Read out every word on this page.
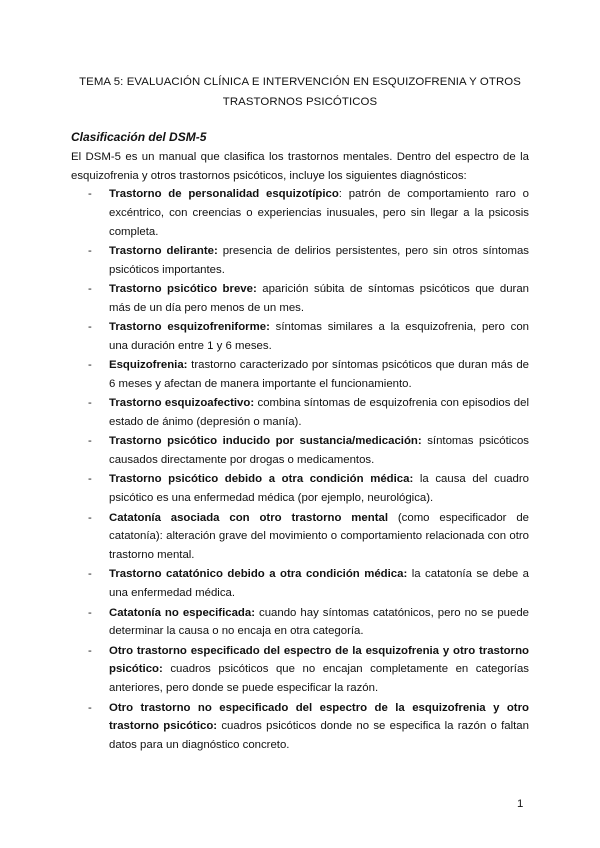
TEMA 5: EVALUACIÓN CLÍNICA E INTERVENCIÓN EN ESQUIZOFRENIA Y OTROS TRASTORNOS PSICÓTICOS
Clasificación del DSM-5
El DSM-5 es un manual que clasifica los trastornos mentales. Dentro del espectro de la esquizofrenia y otros trastornos psicóticos, incluye los siguientes diagnósticos:
- Trastorno de personalidad esquizotípico: patrón de comportamiento raro o excéntrico, con creencias o experiencias inusuales, pero sin llegar a la psicosis completa.
- Trastorno delirante: presencia de delirios persistentes, pero sin otros síntomas psicóticos importantes.
- Trastorno psicótico breve: aparición súbita de síntomas psicóticos que duran más de un día pero menos de un mes.
- Trastorno esquizofreniforme: síntomas similares a la esquizofrenia, pero con una duración entre 1 y 6 meses.
- Esquizofrenia: trastorno caracterizado por síntomas psicóticos que duran más de 6 meses y afectan de manera importante el funcionamiento.
- Trastorno esquizoafectivo: combina síntomas de esquizofrenia con episodios del estado de ánimo (depresión o manía).
- Trastorno psicótico inducido por sustancia/medicación: síntomas psicóticos causados directamente por drogas o medicamentos.
- Trastorno psicótico debido a otra condición médica: la causa del cuadro psicótico es una enfermedad médica (por ejemplo, neurológica).
- Catatonía asociada con otro trastorno mental (como especificador de catatonía): alteración grave del movimiento o comportamiento relacionada con otro trastorno mental.
- Trastorno catatónico debido a otra condición médica: la catatonía se debe a una enfermedad médica.
- Catatonía no especificada: cuando hay síntomas catatónicos, pero no se puede determinar la causa o no encaja en otra categoría.
- Otro trastorno especificado del espectro de la esquizofrenia y otro trastorno psicótico: cuadros psicóticos que no encajan completamente en categorías anteriores, pero donde se puede especificar la razón.
- Otro trastorno no especificado del espectro de la esquizofrenia y otro trastorno psicótico: cuadros psicóticos donde no se especifica la razón o faltan datos para un diagnóstico concreto.
1
